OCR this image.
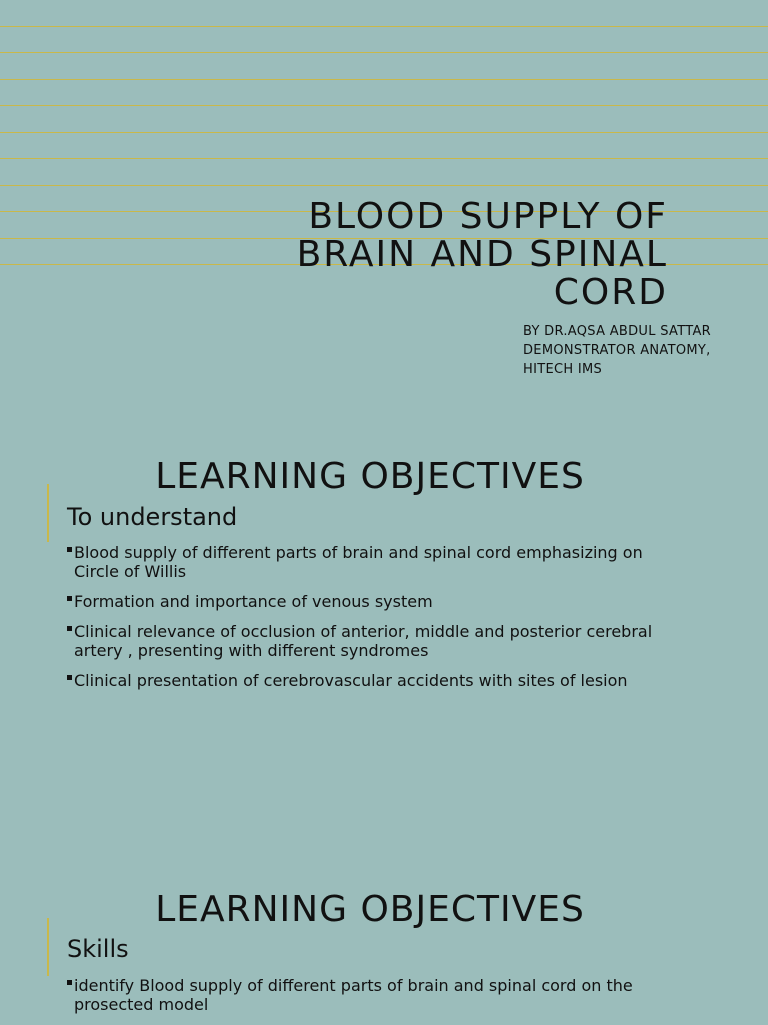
BLOOD SUPPLY OF
BRAIN AND SPINAL
CORD
BY DR.AQSA ABDUL SATTAR
DEMONSTRATOR ANATOMY,
HITECH IMS
LEARNING OBJECTIVES
To understand
Blood supply of different parts of brain and spinal cord emphasizing on Circle of Willis
Formation and importance of venous system
Clinical relevance of occlusion of anterior, middle and posterior cerebral artery , presenting with different syndromes
Clinical presentation of cerebrovascular accidents with sites of lesion
LEARNING OBJECTIVES
Skills
identify Blood supply of different parts of brain and spinal cord on the prosected model
